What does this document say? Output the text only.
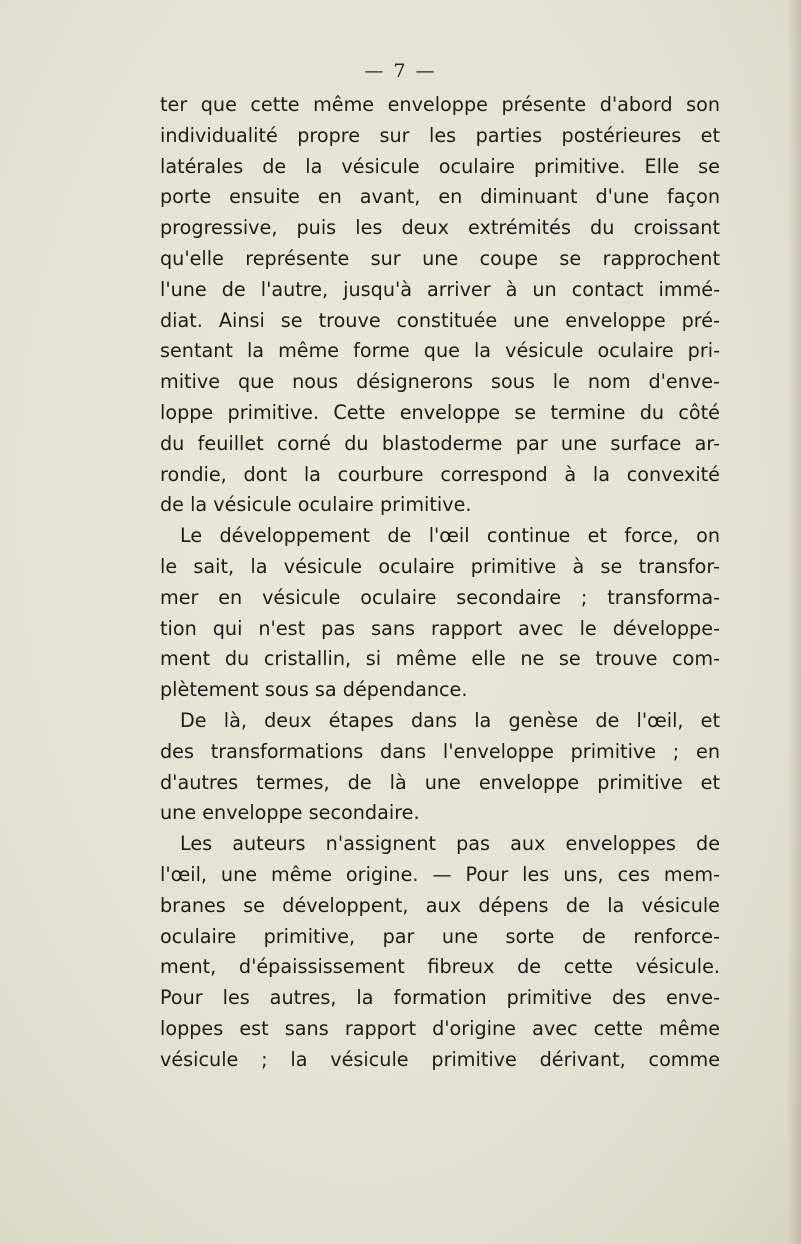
— 7 —
ter que cette même enveloppe présente d'abord son
individualité propre sur les parties postérieures et
latérales de la vésicule oculaire primitive. Elle se
porte ensuite en avant, en diminuant d'une façon
progressive, puis les deux extrémités du croissant
qu'elle représente sur une coupe se rapprochent
l'une de l'autre, jusqu'à arriver à un contact immé-
diat. Ainsi se trouve constituée une enveloppe pré-
sentant la même forme que la vésicule oculaire pri-
mitive que nous désignerons sous le nom d'enve-
loppe primitive. Cette enveloppe se termine du côté
du feuillet corné du blastoderme par une surface ar-
rondie, dont la courbure correspond à la convexité
de la vésicule oculaire primitive.
Le développement de l'œil continue et force, on
le sait, la vésicule oculaire primitive à se transfor-
mer en vésicule oculaire secondaire ; transforma-
tion qui n'est pas sans rapport avec le développe-
ment du cristallin, si même elle ne se trouve com-
plètement sous sa dépendance.
De là, deux étapes dans la genèse de l'œil, et
des transformations dans l'enveloppe primitive ; en
d'autres termes, de là une enveloppe primitive et
une enveloppe secondaire.
Les auteurs n'assignent pas aux enveloppes de
l'œil, une même origine. — Pour les uns, ces mem-
branes se développent, aux dépens de la vésicule
oculaire primitive, par une sorte de renforce-
ment, d'épaississement fibreux de cette vésicule.
Pour les autres, la formation primitive des enve-
loppes est sans rapport d'origine avec cette même
vésicule ; la vésicule primitive dérivant, comme
